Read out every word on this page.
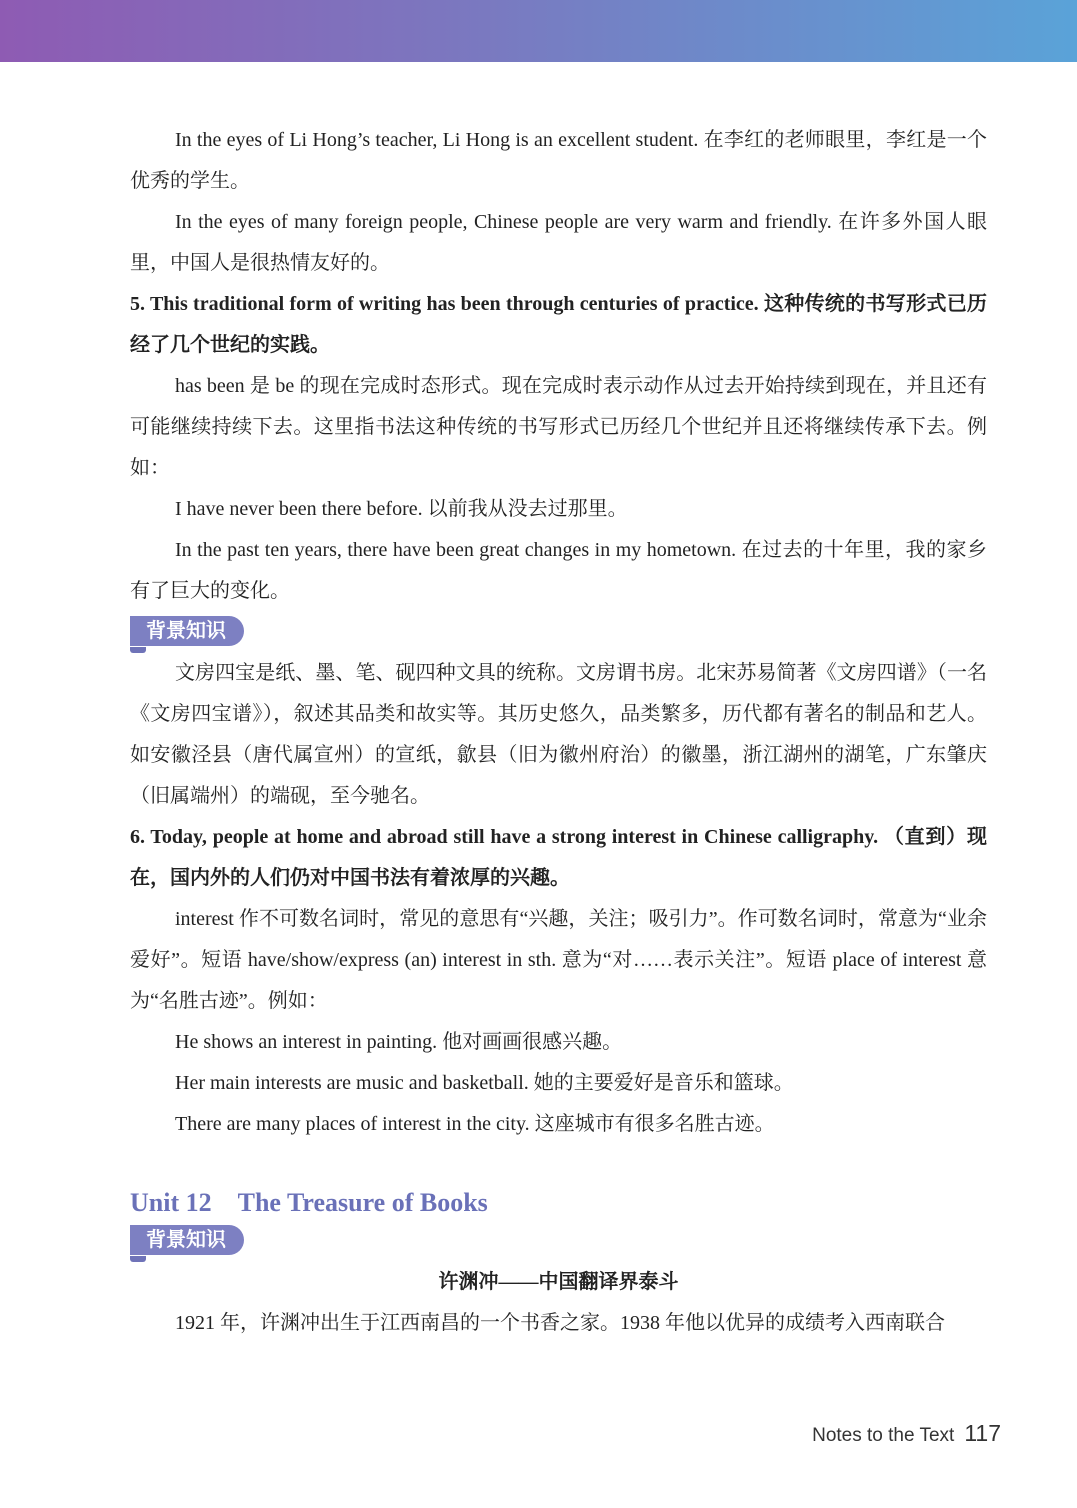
In the eyes of Li Hong’s teacher, Li Hong is an excellent student. 在李红的老师眼里，李红是一个优秀的学生。

In the eyes of many foreign people, Chinese people are very warm and friendly. 在许多外国人眼里，中国人是很热情友好的。

5. This traditional form of writing has been through centuries of practice. 这种传统的书写形式已历经了几个世纪的实践。

has been 是 be 的现在完成时态形式。现在完成时表示动作从过去开始持续到现在，并且还有可能继续持续下去。这里指书法这种传统的书写形式已历经几个世纪并且还将继续传承下去。例如：

I have never been there before. 以前我从没去过那里。

In the past ten years, there have been great changes in my hometown. 在过去的十年里，我的家乡有了巨大的变化。

背景知识

文房四宝是纸、墨、笔、砚四种文具的统称。文房谓书房。北宋苏易简著《文房四谱》（一名《文房四宝谱》），叙述其品类和故实等。其历史悠久，品类繁多，历代都有著名的制品和艺人。如安徽泾县（唐代属宣州）的宣纸，歙县（旧为徽州府治）的徽墨，浙江湖州的湖笔，广东肇庆（旧属端州）的端砚，至今驰名。

6. Today, people at home and abroad still have a strong interest in Chinese calligraphy. （直到）现在，国内外的人们仍对中国书法有着浓厚的兴趣。

interest 作不可数名词时，常见的意思有“兴趣，关注；吸引力”。作可数名词时，常意为“业余爱好”。短语 have/show/express (an) interest in sth. 意为“对……表示关注”。短语 place of interest 意为“名胜古迹”。例如：

He shows an interest in painting. 他对画画很感兴趣。

Her main interests are music and basketball. 她的主要爱好是音乐和篮球。

There are many places of interest in the city. 这座城市有很多名胜古迹。

Unit 12 The Treasure of Books
背景知识

许渊冲——中国翻译界泰斗

1921 年，许渊冲出生于江西南昌的一个书香之家。1938 年他以优异的成绩考入西南联合

Notes to the Text 117
